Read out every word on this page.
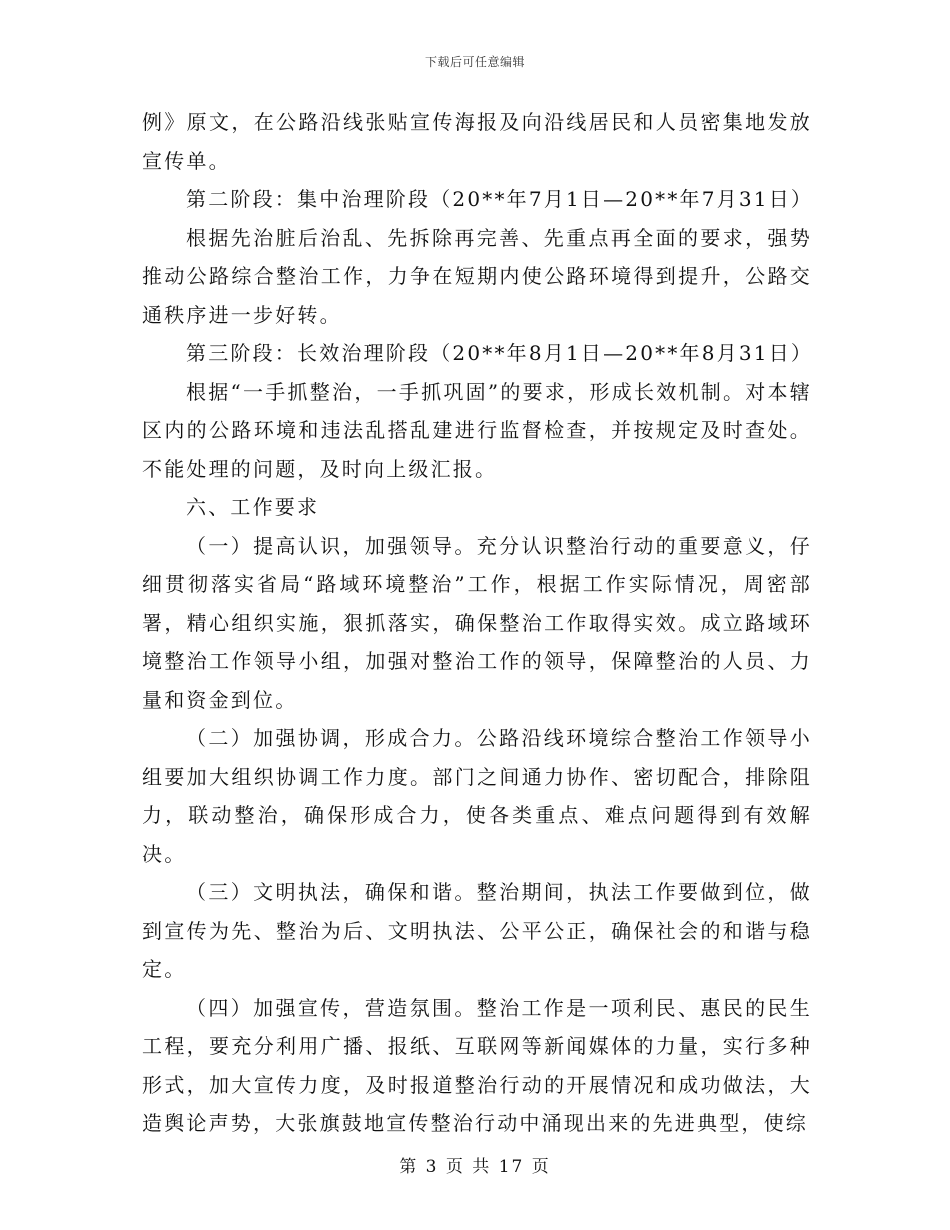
下载后可任意编辑

例》原文，在公路沿线张贴宣传海报及向沿线居民和人员密集地发放宣传单。

第二阶段：集中治理阶段（20**年7月1日—20**年7月31日）

根据先治脏后治乱、先拆除再完善、先重点再全面的要求，强势推动公路综合整治工作，力争在短期内使公路环境得到提升，公路交通秩序进一步好转。

第三阶段：长效治理阶段（20**年8月1日—20**年8月31日）

根据“一手抓整治，一手抓巩固”的要求，形成长效机制。对本辖区内的公路环境和违法乱搭乱建进行监督检查，并按规定及时查处。不能处理的问题，及时向上级汇报。

六、工作要求

（一）提高认识，加强领导。充分认识整治行动的重要意义，仔细贯彻落实省局“路域环境整治”工作，根据工作实际情况，周密部署，精心组织实施，狠抓落实，确保整治工作取得实效。成立路域环境整治工作领导小组，加强对整治工作的领导，保障整治的人员、力量和资金到位。

（二）加强协调，形成合力。公路沿线环境综合整治工作领导小组要加大组织协调工作力度。部门之间通力协作、密切配合，排除阻力，联动整治，确保形成合力，使各类重点、难点问题得到有效解决。

（三）文明执法，确保和谐。整治期间，执法工作要做到位，做到宣传为先、整治为后、文明执法、公平公正，确保社会的和谐与稳定。

（四）加强宣传，营造氛围。整治工作是一项利民、惠民的民生工程，要充分利用广播、报纸、互联网等新闻媒体的力量，实行多种形式，加大宣传力度，及时报道整治行动的开展情况和成功做法，大造舆论声势，大张旗鼓地宣传整治行动中涌现出来的先进典型，使综

第 3 页 共 17 页
